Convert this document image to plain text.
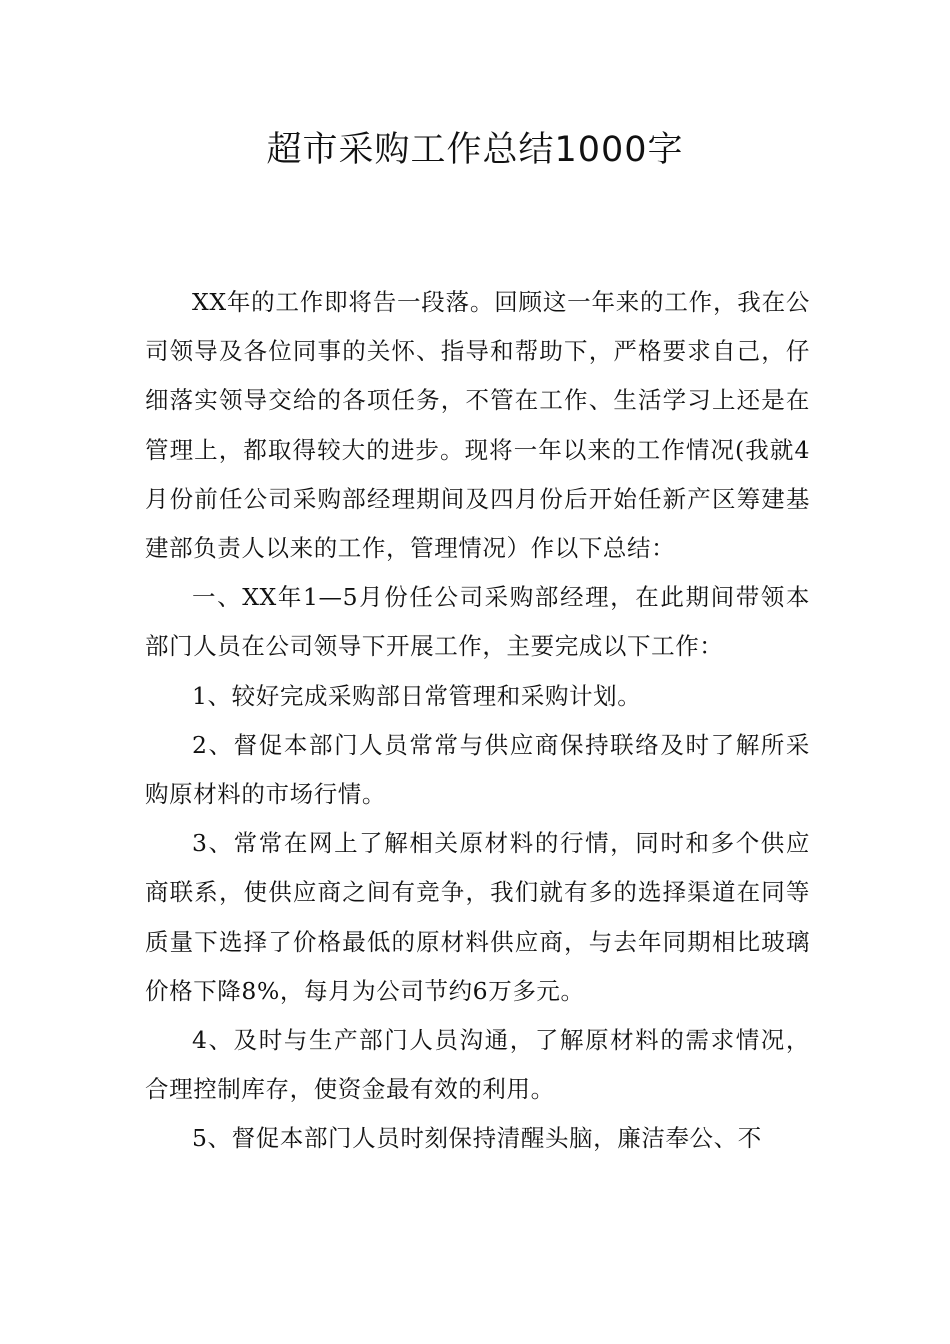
超市采购工作总结1000字

XX年的工作即将告一段落。回顾这一年来的工作，我在公司领导及各位同事的关怀、指导和帮助下，严格要求自己，仔细落实领导交给的各项任务，不管在工作、生活学习上还是在管理上，都取得较大的进步。现将一年以来的工作情况(我就4月份前任公司采购部经理期间及四月份后开始任新产区筹建基建部负责人以来的工作，管理情况）作以下总结：

一、XX年1—5月份任公司采购部经理，在此期间带领本部门人员在公司领导下开展工作，主要完成以下工作：

1、较好完成采购部日常管理和采购计划。

2、督促本部门人员常常与供应商保持联络及时了解所采购原材料的市场行情。

3、常常在网上了解相关原材料的行情，同时和多个供应商联系，使供应商之间有竞争，我们就有多的选择渠道在同等质量下选择了价格最低的原材料供应商，与去年同期相比玻璃价格下降8%，每月为公司节约6万多元。

4、及时与生产部门人员沟通，了解原材料的需求情况，合理控制库存，使资金最有效的利用。

5、督促本部门人员时刻保持清醒头脑，廉洁奉公、不
